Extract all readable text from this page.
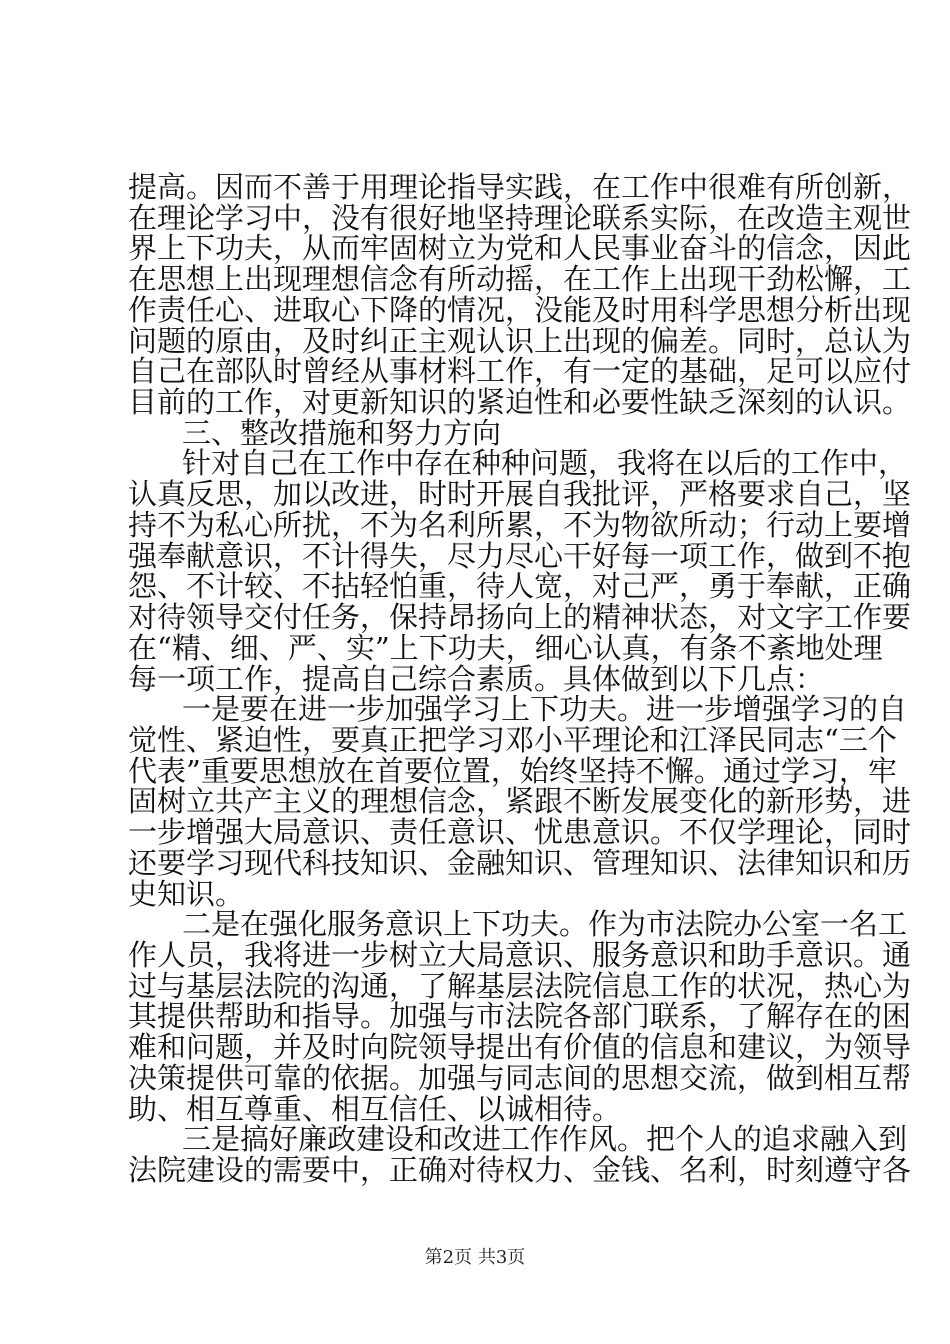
提高。因而不善于用理论指导实践，在工作中很难有所创新，
在理论学习中，没有很好地坚持理论联系实际，在改造主观世
界上下功夫，从而牢固树立为党和人民事业奋斗的信念，因此
在思想上出现理想信念有所动摇，在工作上出现干劲松懈，工
作责任心、进取心下降的情况，没能及时用科学思想分析出现
问题的原由，及时纠正主观认识上出现的偏差。同时，总认为
自己在部队时曾经从事材料工作，有一定的基础，足可以应付
目前的工作，对更新知识的紧迫性和必要性缺乏深刻的认识。
三、整改措施和努力方向
针对自己在工作中存在种种问题，我将在以后的工作中，
认真反思，加以改进，时时开展自我批评，严格要求自己，坚
持不为私心所扰，不为名利所累，不为物欲所动；行动上要增
强奉献意识，不计得失，尽力尽心干好每一项工作，做到不抱
怨、不计较、不拈轻怕重，待人宽，对己严，勇于奉献，正确
对待领导交付任务，保持昂扬向上的精神状态，对文字工作要
在“精、细、严、实”上下功夫，细心认真，有条不紊地处理
每一项工作，提高自己综合素质。具体做到以下几点：
一是要在进一步加强学习上下功夫。进一步增强学习的自
觉性、紧迫性，要真正把学习邓小平理论和江泽民同志“三个
代表”重要思想放在首要位置，始终坚持不懈。通过学习，牢
固树立共产主义的理想信念，紧跟不断发展变化的新形势，进
一步增强大局意识、责任意识、忧患意识。不仅学理论，同时
还要学习现代科技知识、金融知识、管理知识、法律知识和历
史知识。
二是在强化服务意识上下功夫。作为市法院办公室一名工
作人员，我将进一步树立大局意识、服务意识和助手意识。通
过与基层法院的沟通，了解基层法院信息工作的状况，热心为
其提供帮助和指导。加强与市法院各部门联系，了解存在的困
难和问题，并及时向院领导提出有价值的信息和建议，为领导
决策提供可靠的依据。加强与同志间的思想交流，做到相互帮
助、相互尊重、相互信任、以诚相待。
三是搞好廉政建设和改进工作作风。把个人的追求融入到
法院建设的需要中，正确对待权力、金钱、名利，时刻遵守各
第2页 共3页
